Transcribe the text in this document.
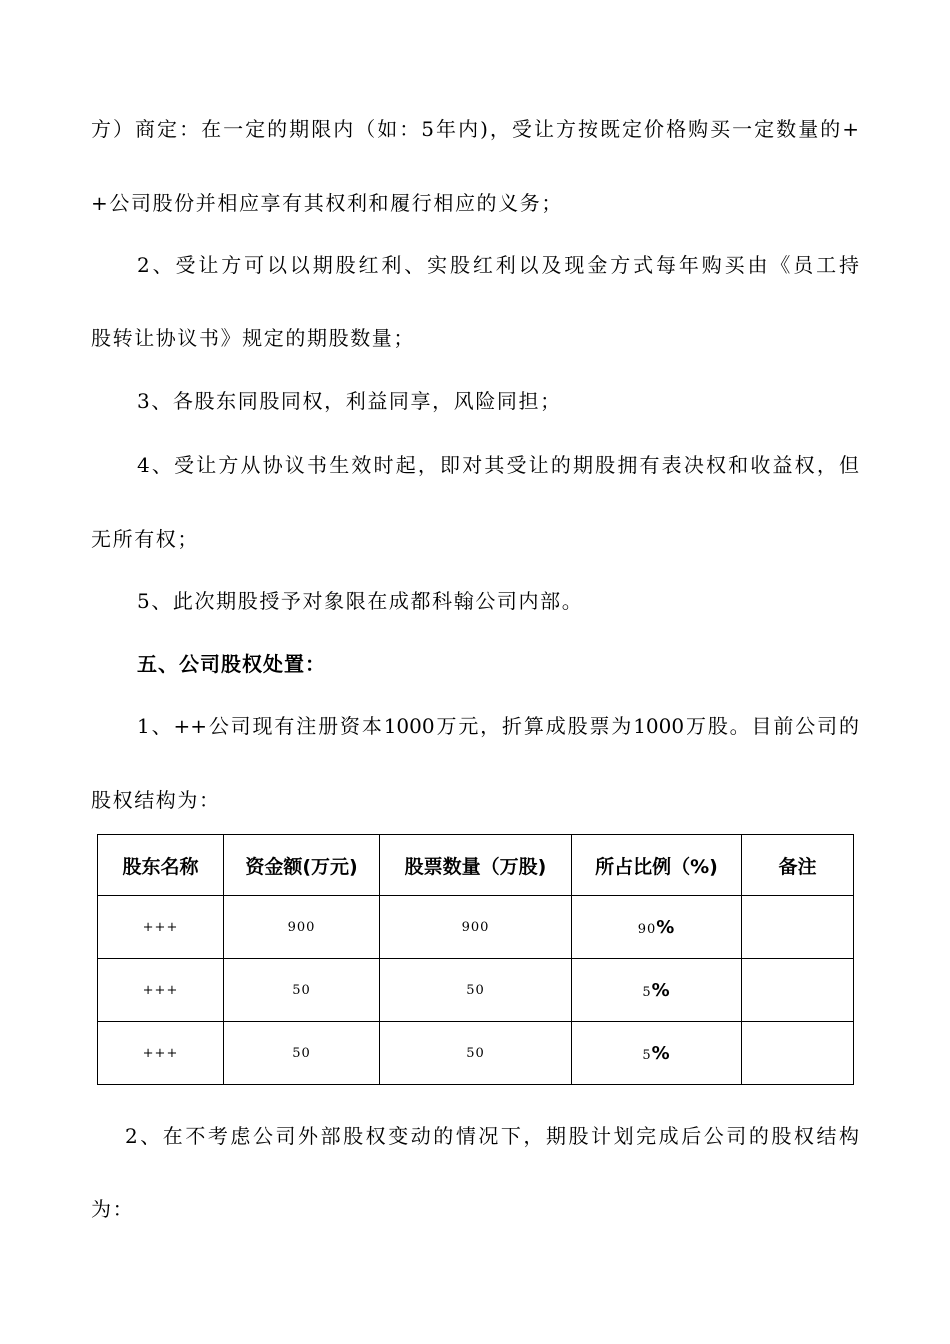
方）商定：在一定的期限内（如：5年内)，受让方按既定价格购买一定数量的+
+公司股份并相应享有其权利和履行相应的义务；
2、受让方可以以期股红利、实股红利以及现金方式每年购买由《员工持
股转让协议书》规定的期股数量；
3、各股东同股同权，利益同享，风险同担；
4、受让方从协议书生效时起，即对其受让的期股拥有表决权和收益权，但
无所有权；
5、此次期股授予对象限在成都科翰公司内部。
五、公司股权处置：
1、++公司现有注册资本1000万元，折算成股票为1000万股。目前公司的
股权结构为：
股东名称	资金额(万元)	股票数量（万股)	所占比例（%)	备注
+++	900	900	90%	
+++	50	50	5%	
+++	50	50	5%	
2、在不考虑公司外部股权变动的情况下，期股计划完成后公司的股权结构
为：
